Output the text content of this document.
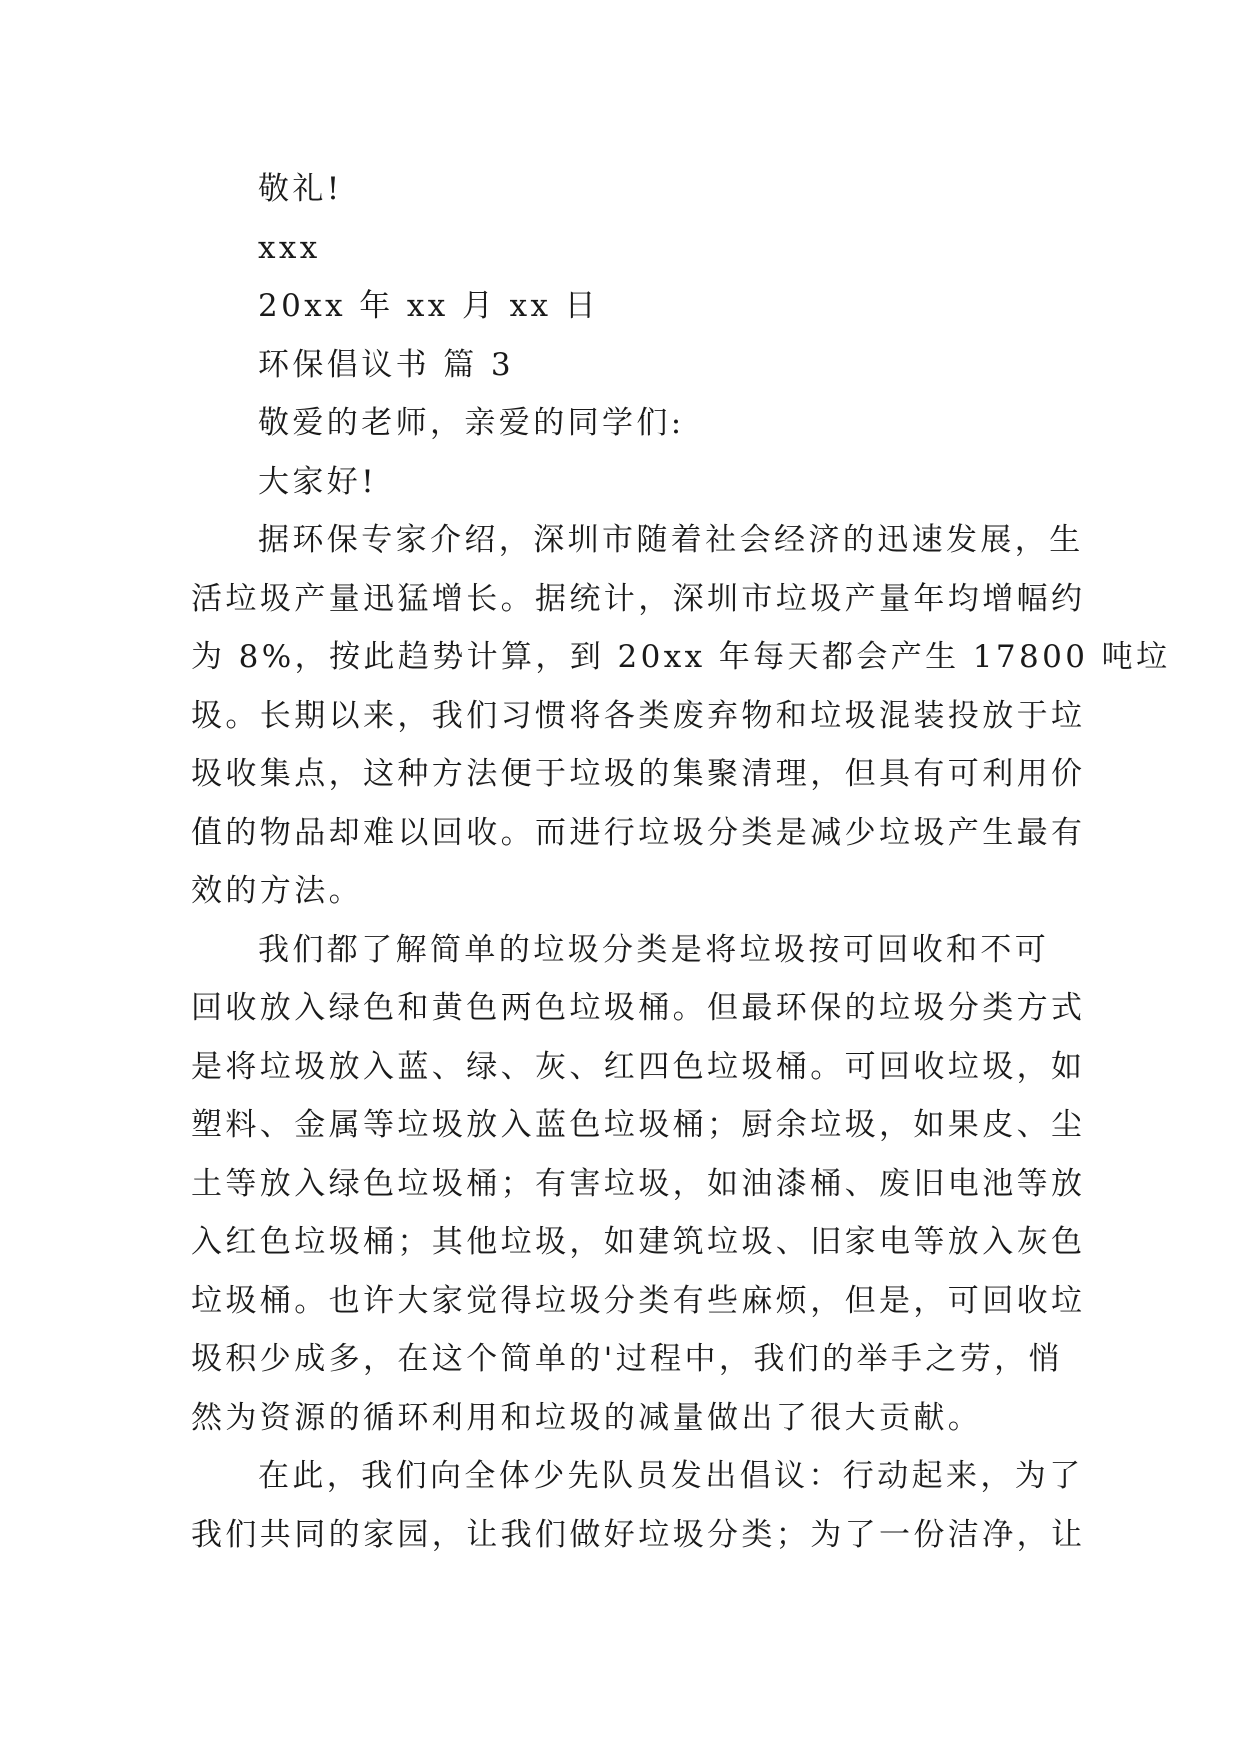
敬礼!

xxx

20xx 年 xx 月 xx 日

环保倡议书 篇 3

敬爱的老师，亲爱的同学们:

大家好!

据环保专家介绍，深圳市随着社会经济的迅速发展，生

活垃圾产量迅猛增长。据统计，深圳市垃圾产量年均增幅约

为 8%，按此趋势计算，到 20xx 年每天都会产生 17800 吨垃

圾。长期以来，我们习惯将各类废弃物和垃圾混装投放于垃

圾收集点，这种方法便于垃圾的集聚清理，但具有可利用价

值的物品却难以回收。而进行垃圾分类是减少垃圾产生最有

效的方法。

我们都了解简单的垃圾分类是将垃圾按可回收和不可

回收放入绿色和黄色两色垃圾桶。但最环保的垃圾分类方式

是将垃圾放入蓝、绿、灰、红四色垃圾桶。可回收垃圾，如

塑料、金属等垃圾放入蓝色垃圾桶；厨余垃圾，如果皮、尘

土等放入绿色垃圾桶；有害垃圾，如油漆桶、废旧电池等放

入红色垃圾桶；其他垃圾，如建筑垃圾、旧家电等放入灰色

垃圾桶。也许大家觉得垃圾分类有些麻烦，但是，可回收垃

圾积少成多，在这个简单的'过程中，我们的举手之劳，悄

然为资源的循环利用和垃圾的减量做出了很大贡献。

在此，我们向全体少先队员发出倡议：行动起来，为了

我们共同的家园，让我们做好垃圾分类；为了一份洁净，让
